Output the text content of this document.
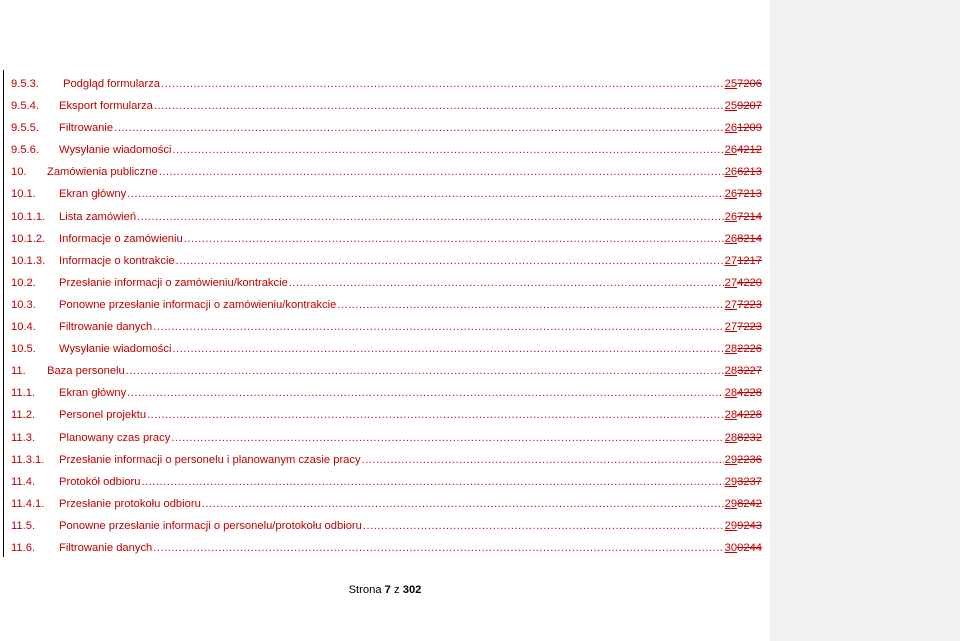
9.5.3. Podgląd formularza .....	257206
9.5.4. Eksport formularza .....	259207
9.5.5. Filtrowanie .....	261209
9.5.6. Wysyłanie wiadomości .....	264212
10. Zamówienia publiczne .....	266213
10.1. Ekran główny .....	267213
10.1.1. Lista zamówień .....	267214
10.1.2. Informacje o zamówieniu .....	268214
10.1.3. Informacje o kontrakcie .....	271217
10.2. Przesłanie informacji o zamówieniu/kontrakcie .....	274220
10.3. Ponowne przesłanie informacji o zamówieniu/kontrakcie .....	277223
10.4. Filtrowanie danych .....	277223
10.5. Wysyłanie wiadomości .....	282226
11. Baza personelu .....	283227
11.1. Ekran główny .....	284228
11.2. Personel projektu .....	284228
11.3. Planowany czas pracy .....	288232
11.3.1. Przesłanie informacji o personelu i planowanym czasie pracy .....	292236
11.4. Protokół odbioru .....	293237
11.4.1. Przesłanie protokołu odbioru .....	298242
11.5. Ponowne przesłanie informacji o personelu/protokołu odbioru .....	299243
11.6. Filtrowanie danych .....	300244
Strona 7 z 302
